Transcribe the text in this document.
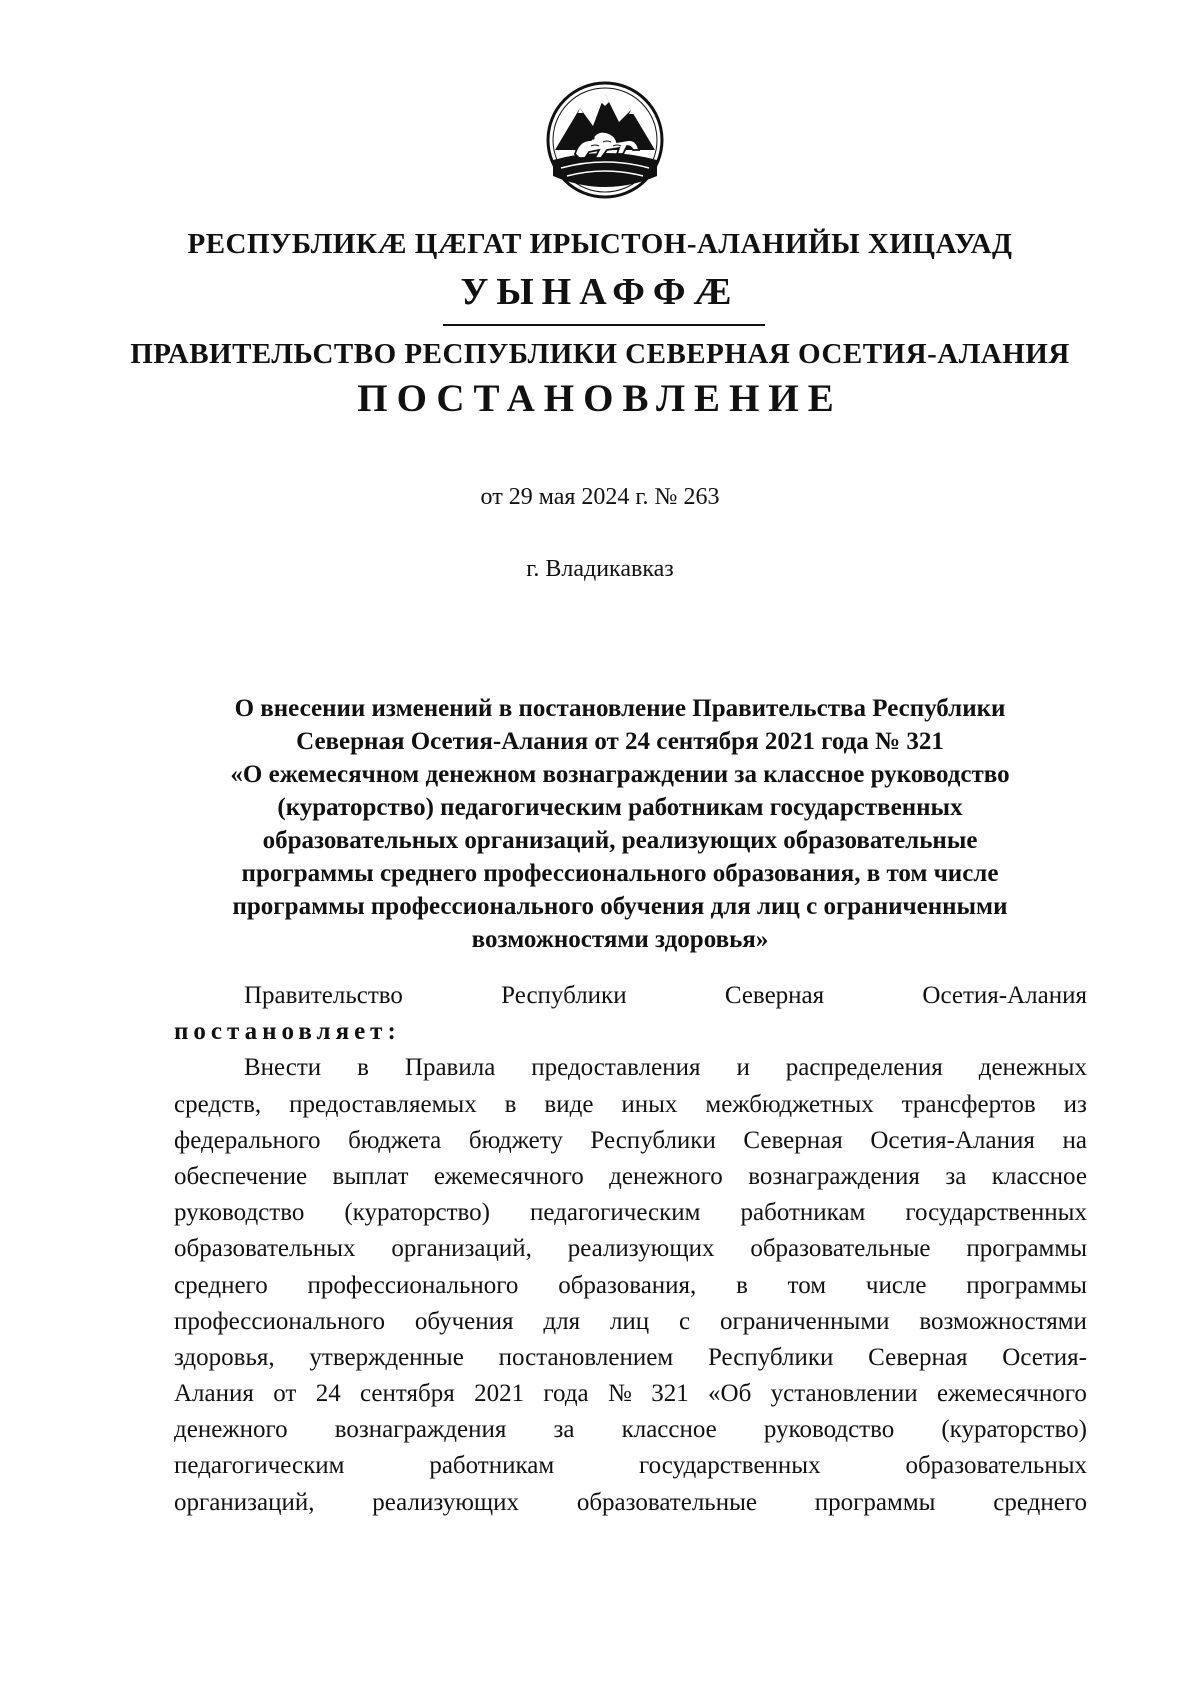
РЕСПУБЛИКÆ ЦÆГАТ ИРЫСТОН-АЛАНИЙЫ ХИЦАУАД
УЫНАФФÆ
ПРАВИТЕЛЬСТВО РЕСПУБЛИКИ СЕВЕРНАЯ ОСЕТИЯ-АЛАНИЯ
ПОСТАНОВЛЕНИЕ
от 29 мая 2024 г. № 263
г. Владикавказ
О внесении изменений в постановление Правительства Республики
Северная Осетия-Алания от 24 сентября 2021 года № 321
«О ежемесячном денежном вознаграждении за классное руководство
(кураторство) педагогическим работникам государственных
образовательных организаций, реализующих образовательные
программы среднего профессионального образования, в том числе
программы профессионального обучения для лиц с ограниченными
возможностями здоровья»
Правительство	Республики	Северная	Осетия-Алания
постановляет:
Внести в Правила предоставления и распределения денежных
средств, предоставляемых в виде иных межбюджетных трансфертов из
федерального бюджета бюджету Республики Северная Осетия-Алания на
обеспечение выплат ежемесячного денежного вознаграждения за классное
руководство (кураторство) педагогическим работникам государственных
образовательных организаций, реализующих образовательные программы
среднего профессионального образования, в том числе программы
профессионального обучения для лиц с ограниченными возможностями
здоровья, утвержденные постановлением Республики Северная Осетия-
Алания от 24 сентября 2021 года № 321 «Об установлении ежемесячного
денежного вознаграждения за классное руководство (кураторство)
педагогическим	работникам	государственных	образовательных
организаций, реализующих образовательные программы среднего
